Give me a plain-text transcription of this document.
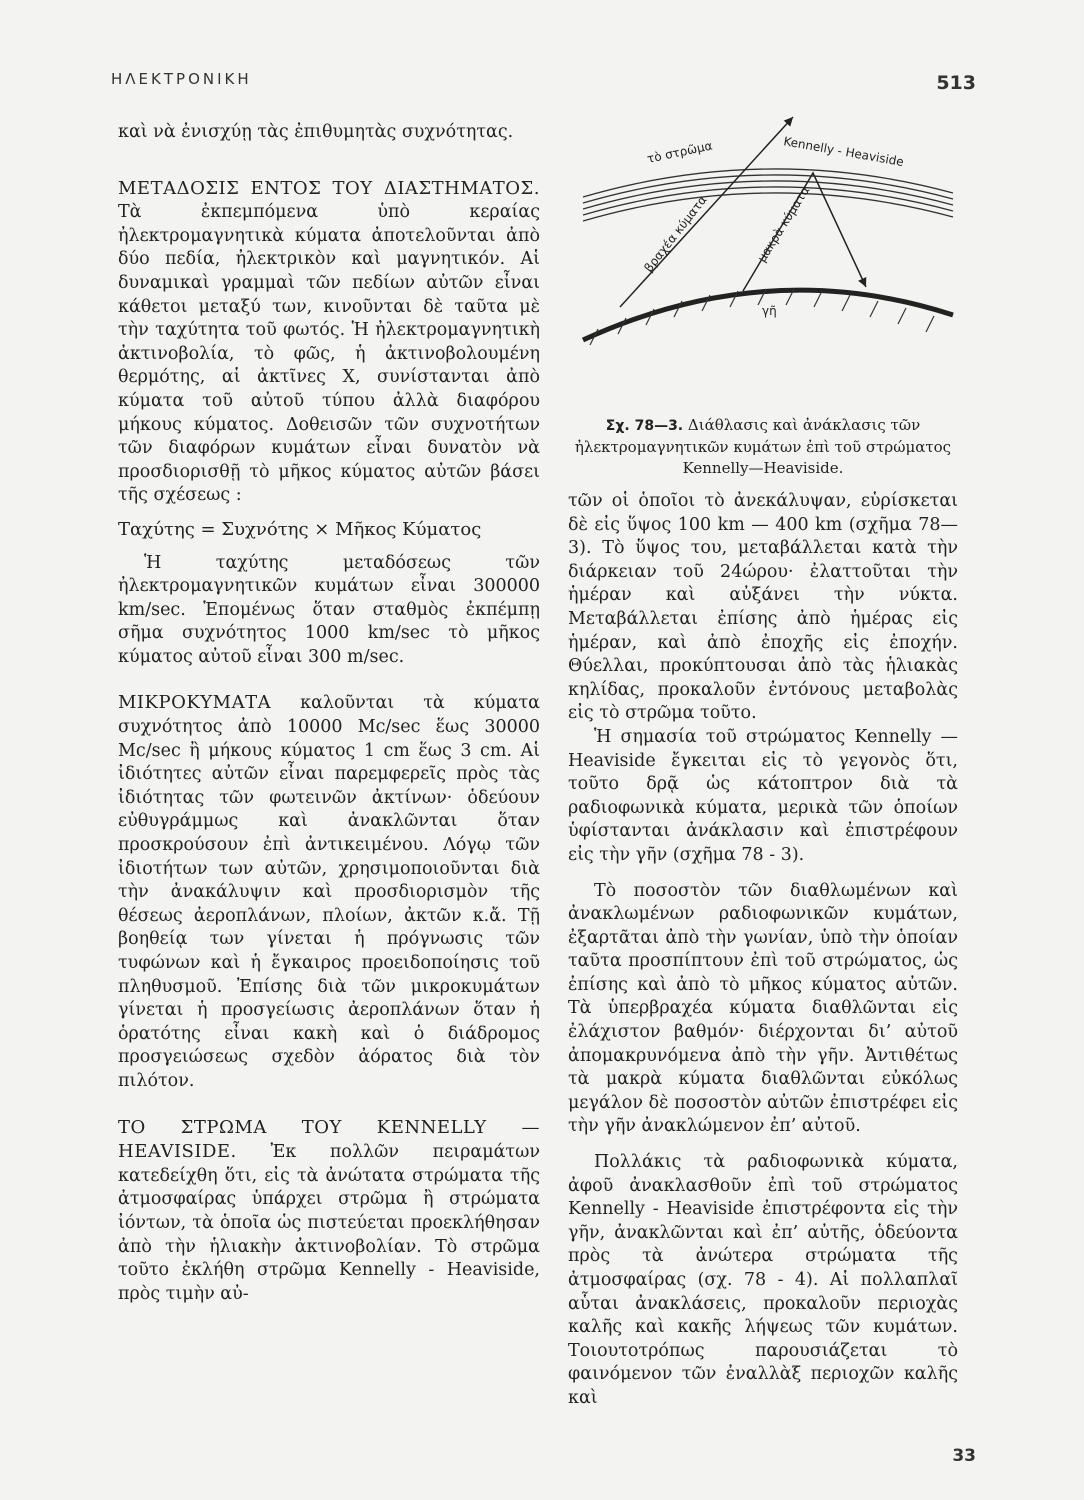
ΗΛΕΚΤΡΟΝΙΚΗ	513

καὶ νὰ ἐνισχύῃ τὰς ἐπιθυμητὰς συχνότητας.

ΜΕΤΑΔΟΣΙΣ ΕΝΤΟΣ ΤΟΥ ΔΙΑΣΤΗΜΑΤΟΣ. Τὰ ἐκπεμπόμενα ὑπὸ κεραίας ἠλεκτρομαγνητικὰ κύματα ἀποτελοῦνται ἀπὸ δύο πεδία, ἠλεκτρικὸν καὶ μαγνητικόν. Αἱ δυναμικαὶ γραμμαὶ τῶν πεδίων αὐτῶν εἶναι κάθετοι μεταξύ των, κινοῦνται δὲ ταῦτα μὲ τὴν ταχύτητα τοῦ φωτός. Ἡ ἠλεκτρομαγνητικὴ ἀκτινοβολία, τὸ φῶς, ἡ ἀκτινοβολουμένη θερμότης, αἱ ἀκτῖνες Χ, συνίστανται ἀπὸ κύματα τοῦ αὐτοῦ τύπου ἀλλὰ διαφόρου μήκους κύματος. Δοθεισῶν τῶν συχνοτήτων τῶν διαφόρων κυμάτων εἶναι δυνατὸν νὰ προσδιορισθῇ τὸ μῆκος κύματος αὐτῶν βάσει τῆς σχέσεως :

Ταχύτης = Συχνότης × Μῆκος Κύματος

Ἡ ταχύτης μεταδόσεως τῶν ἠλεκτρομαγνητικῶν κυμάτων εἶναι 300000 km/sec. Ἑπομένως ὅταν σταθμὸς ἐκπέμπῃ σῆμα συχνότητος 1000 km/sec τὸ μῆκος κύματος αὐτοῦ εἶναι 300 m/sec.

ΜΙΚΡΟΚΥΜΑΤΑ καλοῦνται τὰ κύματα συχνότητος ἀπὸ 10000 Mc/sec ἕως 30000 Mc/sec ἢ μήκους κύματος 1 cm ἕως 3 cm. Αἱ ἰδιότητες αὐτῶν εἶναι παρεμφερεῖς πρὸς τὰς ἰδιότητας τῶν φωτεινῶν ἀκτίνων· ὁδεύουν εὐθυγράμμως καὶ ἀνακλῶνται ὅταν προσκρούσουν ἐπὶ ἀντικειμένου. Λόγῳ τῶν ἰδιοτήτων των αὐτῶν, χρησιμοποιοῦνται διὰ τὴν ἀνακάλυψιν καὶ προσδιορισμὸν τῆς θέσεως ἀεροπλάνων, πλοίων, ἀκτῶν κ.ἄ. Τῇ βοηθείᾳ των γίνεται ἡ πρόγνωσις τῶν τυφώνων καὶ ἡ ἔγκαιρος προειδοποίησις τοῦ πληθυσμοῦ. Ἐπίσης διὰ τῶν μικροκυμάτων γίνεται ἡ προσγείωσις ἀεροπλάνων ὅταν ἡ ὁρατότης εἶναι κακὴ καὶ ὁ διάδρομος προσγειώσεως σχεδὸν ἀόρατος διὰ τὸν πιλότον.

ΤΟ ΣΤΡΩΜΑ ΤΟΥ KENNELLY — HEAVISIDE. Ἐκ πολλῶν πειραμάτων κατεδείχθη ὅτι, εἰς τὰ ἀνώτατα στρώματα τῆς ἀτμοσφαίρας ὑπάρχει στρῶμα ἢ στρώματα ἰόντων, τὰ ὁποῖα ὡς πιστεύεται προεκλήθησαν ἀπὸ τὴν ἡλιακὴν ἀκτινοβολίαν. Τὸ στρῶμα τοῦτο ἐκλήθη στρῶμα Kennelly - Heaviside, πρὸς τιμὴν αὐ-

τὸ στρῶμα	Kennelly - Heaviside
βραχέα κύματα	μακρὰ κύματα
γῆ
Σχ. 78—3. Διάθλασις καὶ ἀνάκλασις τῶν ἠλεκτρομαγνητικῶν κυμάτων ἐπὶ τοῦ στρώματος Kennelly—Heaviside.

τῶν οἱ ὁποῖοι τὸ ἀνεκάλυψαν, εὑρίσκεται δὲ εἰς ὕψος 100 km — 400 km (σχῆμα 78—3). Τὸ ὕψος του, μεταβάλλεται κατὰ τὴν διάρκειαν τοῦ 24ώρου· ἐλαττοῦται τὴν ἡμέραν καὶ αὐξάνει τὴν νύκτα. Μεταβάλλεται ἐπίσης ἀπὸ ἡμέρας εἰς ἡμέραν, καὶ ἀπὸ ἐποχῆς εἰς ἐποχήν. Θύελλαι, προκύπτουσαι ἀπὸ τὰς ἡλιακὰς κηλίδας, προκαλοῦν ἐντόνους μεταβολὰς εἰς τὸ στρῶμα τοῦτο.

Ἡ σημασία τοῦ στρώματος Kennelly —Heaviside ἔγκειται εἰς τὸ γεγονὸς ὅτι, τοῦτο δρᾷ ὡς κάτοπτρον διὰ τὰ ραδιοφωνικὰ κύματα, μερικὰ τῶν ὁποίων ὑφίστανται ἀνάκλασιν καὶ ἐπιστρέφουν εἰς τὴν γῆν (σχῆμα 78 - 3).

Τὸ ποσοστὸν τῶν διαθλωμένων καὶ ἀνακλωμένων ραδιοφωνικῶν κυμάτων, ἐξαρτᾶται ἀπὸ τὴν γωνίαν, ὑπὸ τὴν ὁποίαν ταῦτα προσπίπτουν ἐπὶ τοῦ στρώματος, ὡς ἐπίσης καὶ ἀπὸ τὸ μῆκος κύματος αὐτῶν. Τὰ ὑπερβραχέα κύματα διαθλῶνται εἰς ἐλάχιστον βαθμόν· διέρχονται δι’ αὐτοῦ ἀπομακρυνόμενα ἀπὸ τὴν γῆν. Ἀντιθέτως τὰ μακρὰ κύματα διαθλῶνται εὐκόλως μεγάλον δὲ ποσοστὸν αὐτῶν ἐπιστρέφει εἰς τὴν γῆν ἀνακλώμενον ἐπ’ αὐτοῦ.

Πολλάκις τὰ ραδιοφωνικὰ κύματα, ἀφοῦ ἀνακλασθοῦν ἐπὶ τοῦ στρώματος Kennelly - Heaviside ἐπιστρέφοντα εἰς τὴν γῆν, ἀνακλῶνται καὶ ἐπ’ αὐτῆς, ὁδεύοντα πρὸς τὰ ἀνώτερα στρώματα τῆς ἀτμοσφαίρας (σχ. 78 - 4). Αἱ πολλαπλαῖ αὗται ἀνακλάσεις, προκαλοῦν περιοχὰς καλῆς καὶ κακῆς λήψεως τῶν κυμάτων. Τοιουτοτρόπως παρουσιάζεται τὸ φαινόμενον τῶν ἐναλλὰξ περιοχῶν καλῆς καὶ

33
